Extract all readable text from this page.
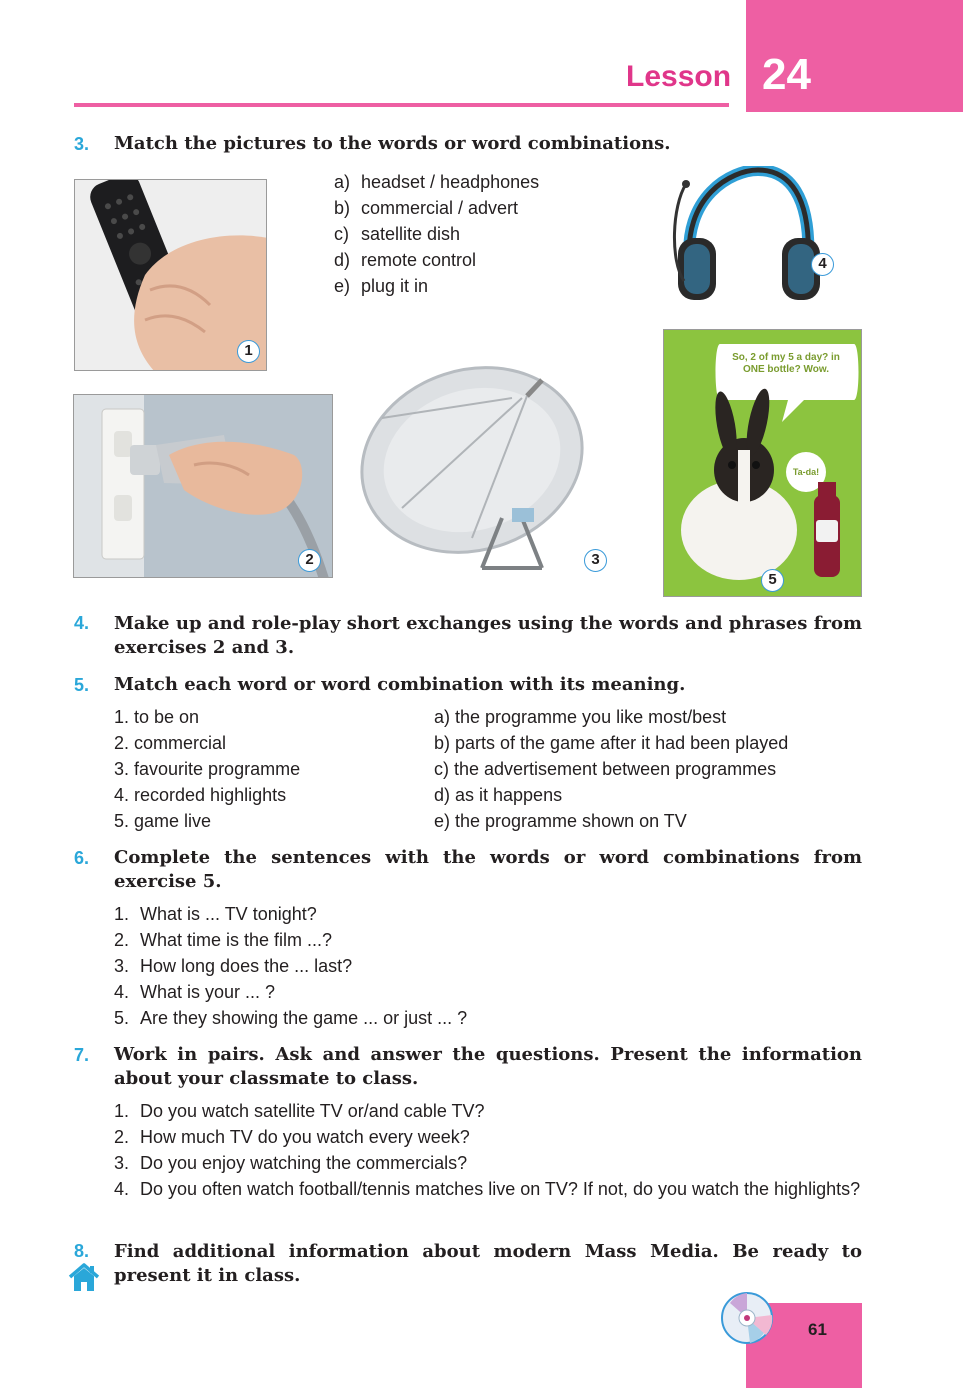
24
Lesson
3. Match the pictures to the words or word combinations.
a) headset / headphones
b) commercial / advert
c) satellite dish
d) remote control
e) plug it in
1
4
2	3
So, 2 of my 5 a day? in ONE bottle? Wow.
Ta-da!
5
4. Make up and role-play short exchanges using the words and phrases from exercises 2 and 3.
5. Match each word or word combination with its meaning.
1. to be on
2. commercial
3. favourite programme
4. recorded highlights
5. game live
a) the programme you like most/best
b) parts of the game after it had been played
c) the advertisement between programmes
d) as it happens
e) the programme shown on TV
6. Complete the sentences with the words or word combinations from exercise 5.
1. What is ... TV tonight?
2. What time is the film ...?
3. How long does the ... last?
4. What is your ... ?
5. Are they showing the game ... or just ... ?
7. Work in pairs. Ask and answer the questions. Present the information about your classmate to class.
1. Do you watch satellite TV or/and cable TV?
2. How much TV do you watch every week?
3. Do you enjoy watching the commercials?
4. Do you often watch football/tennis matches live on TV? If not, do you watch the highlights?
8. Find additional information about modern Mass Media. Be ready to present it in class.
61
